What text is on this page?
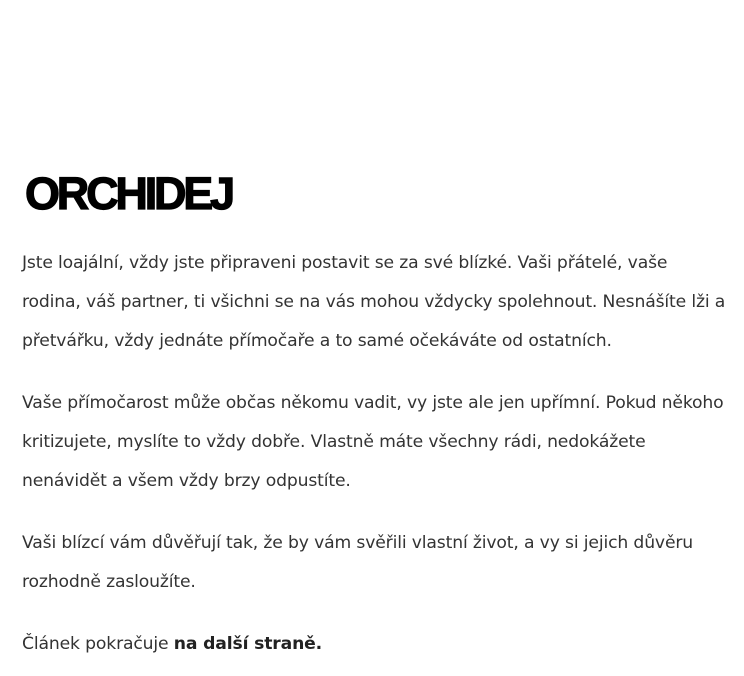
ORCHIDEJ

Jste loajální, vždy jste připraveni postavit se za své blízké. Vaši přátelé, vaše rodina, váš partner, ti všichni se na vás mohou vždycky spolehnout. Nesnášíte lži a přetvářku, vždy jednáte přímočaře a to samé očekáváte od ostatních.

Vaše přímočarost může občas někomu vadit, vy jste ale jen upřímní. Pokud někoho kritizujete, myslíte to vždy dobře. Vlastně máte všechny rádi, nedokážete nenávidět a všem vždy brzy odpustíte.

Vaši blízcí vám důvěřují tak, že by vám svěřili vlastní život, a vy si jejich důvěru rozhodně zasloužíte.

Článek pokračuje na další straně.
